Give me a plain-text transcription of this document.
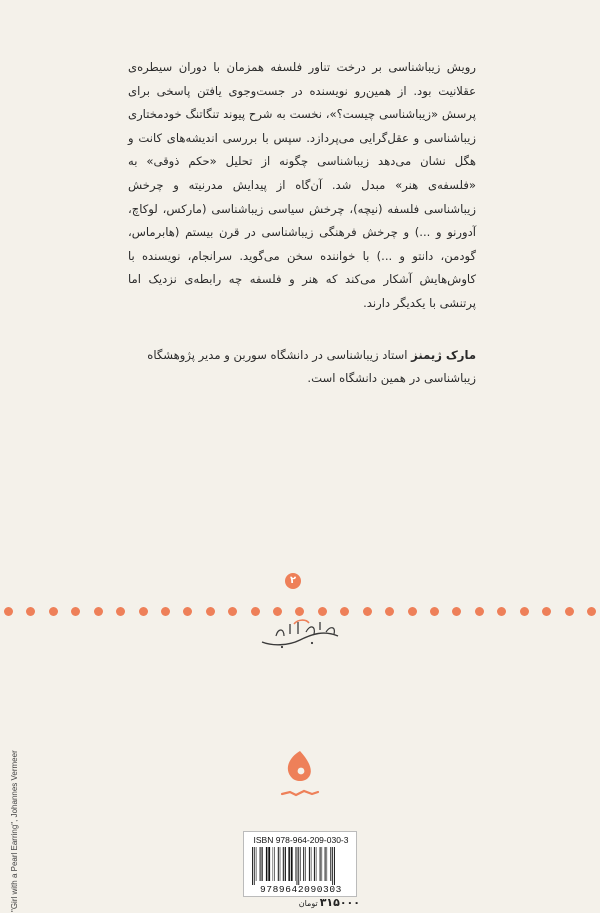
رویش زیباشناسی بر درخت تناور فلسفه همزمان با دوران سیطره‌ی عقلانیت بود. از همین‌رو نویسنده در جست‌وجوی یافتن پاسخی برای پرسش «زیباشناسی چیست؟»، نخست به شرح پیوند تنگاتنگ خودمختاری زیباشناسی و عقل‌گرایی می‌پردازد. سپس با بررسی اندیشه‌های کانت و هگل نشان می‌دهد زیباشناسی چگونه از تحلیل «حکم ذوقی» به «فلسفه‌ی هنر» مبدل شد. آن‌گاه از پیدایش مدرنیته و چرخش زیباشناسی فلسفه (نیچه)، چرخش سیاسی زیباشناسی (مارکس، لوکاچ، آدورنو و ...) و چرخش فرهنگی زیباشناسی در قرن بیستم (هابرماس، گودمن، دانتو و ...) با خواننده سخن می‌گوید. سرانجام، نویسنده با کاوش‌هایش آشکار می‌کند که هنر و فلسفه چه رابطه‌ی نزدیک اما پرتنشی با یکدیگر دارند.

مارک ژیمنز استاد زیباشناسی در دانشگاه سوربن و مدیر پژوهشگاه زیباشناسی در همین دانشگاه است.
۲
"Girl with a Pearl Earring", Johannes Vermeer	ISBN 978-964-209-030-3
9789642090303
۳۱۵۰۰۰تومان
